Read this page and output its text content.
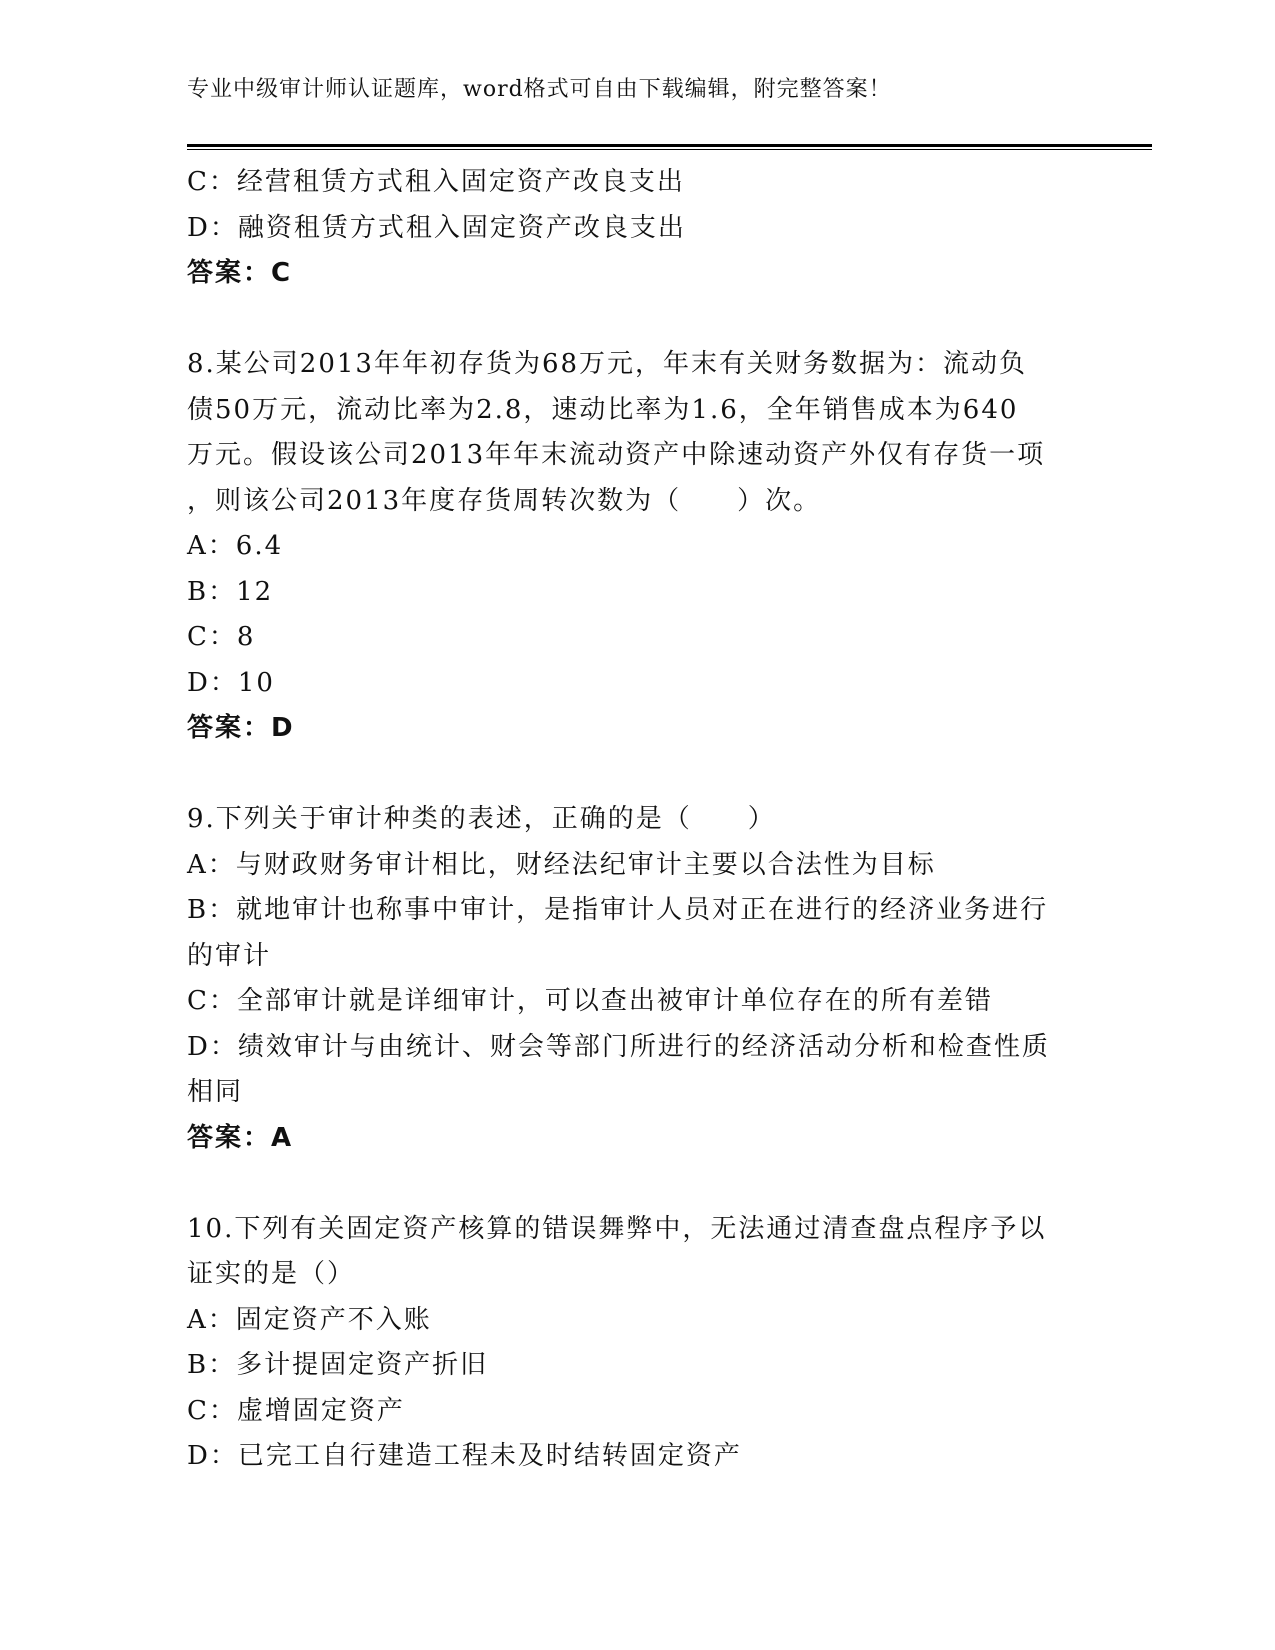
专业中级审计师认证题库，word格式可自由下载编辑，附完整答案！
C：经营租赁方式租入固定资产改良支出
D：融资租赁方式租入固定资产改良支出
答案：C
8.某公司2013年年初存货为68万元，年末有关财务数据为：流动负
债50万元，流动比率为2.8，速动比率为1.6，全年销售成本为640
万元。假设该公司2013年年末流动资产中除速动资产外仅有存货一项
，则该公司2013年度存货周转次数为（　　）次。
A：6.4
B：12
C：8
D：10
答案：D
9.下列关于审计种类的表述，正确的是（　　）
A：与财政财务审计相比，财经法纪审计主要以合法性为目标
B：就地审计也称事中审计，是指审计人员对正在进行的经济业务进行
的审计
C：全部审计就是详细审计，可以查出被审计单位存在的所有差错
D：绩效审计与由统计、财会等部门所进行的经济活动分析和检查性质
相同
答案：A
10.下列有关固定资产核算的错误舞弊中，无法通过清查盘点程序予以
证实的是（）
A：固定资产不入账
B：多计提固定资产折旧
C：虚增固定资产
D：已完工自行建造工程未及时结转固定资产
